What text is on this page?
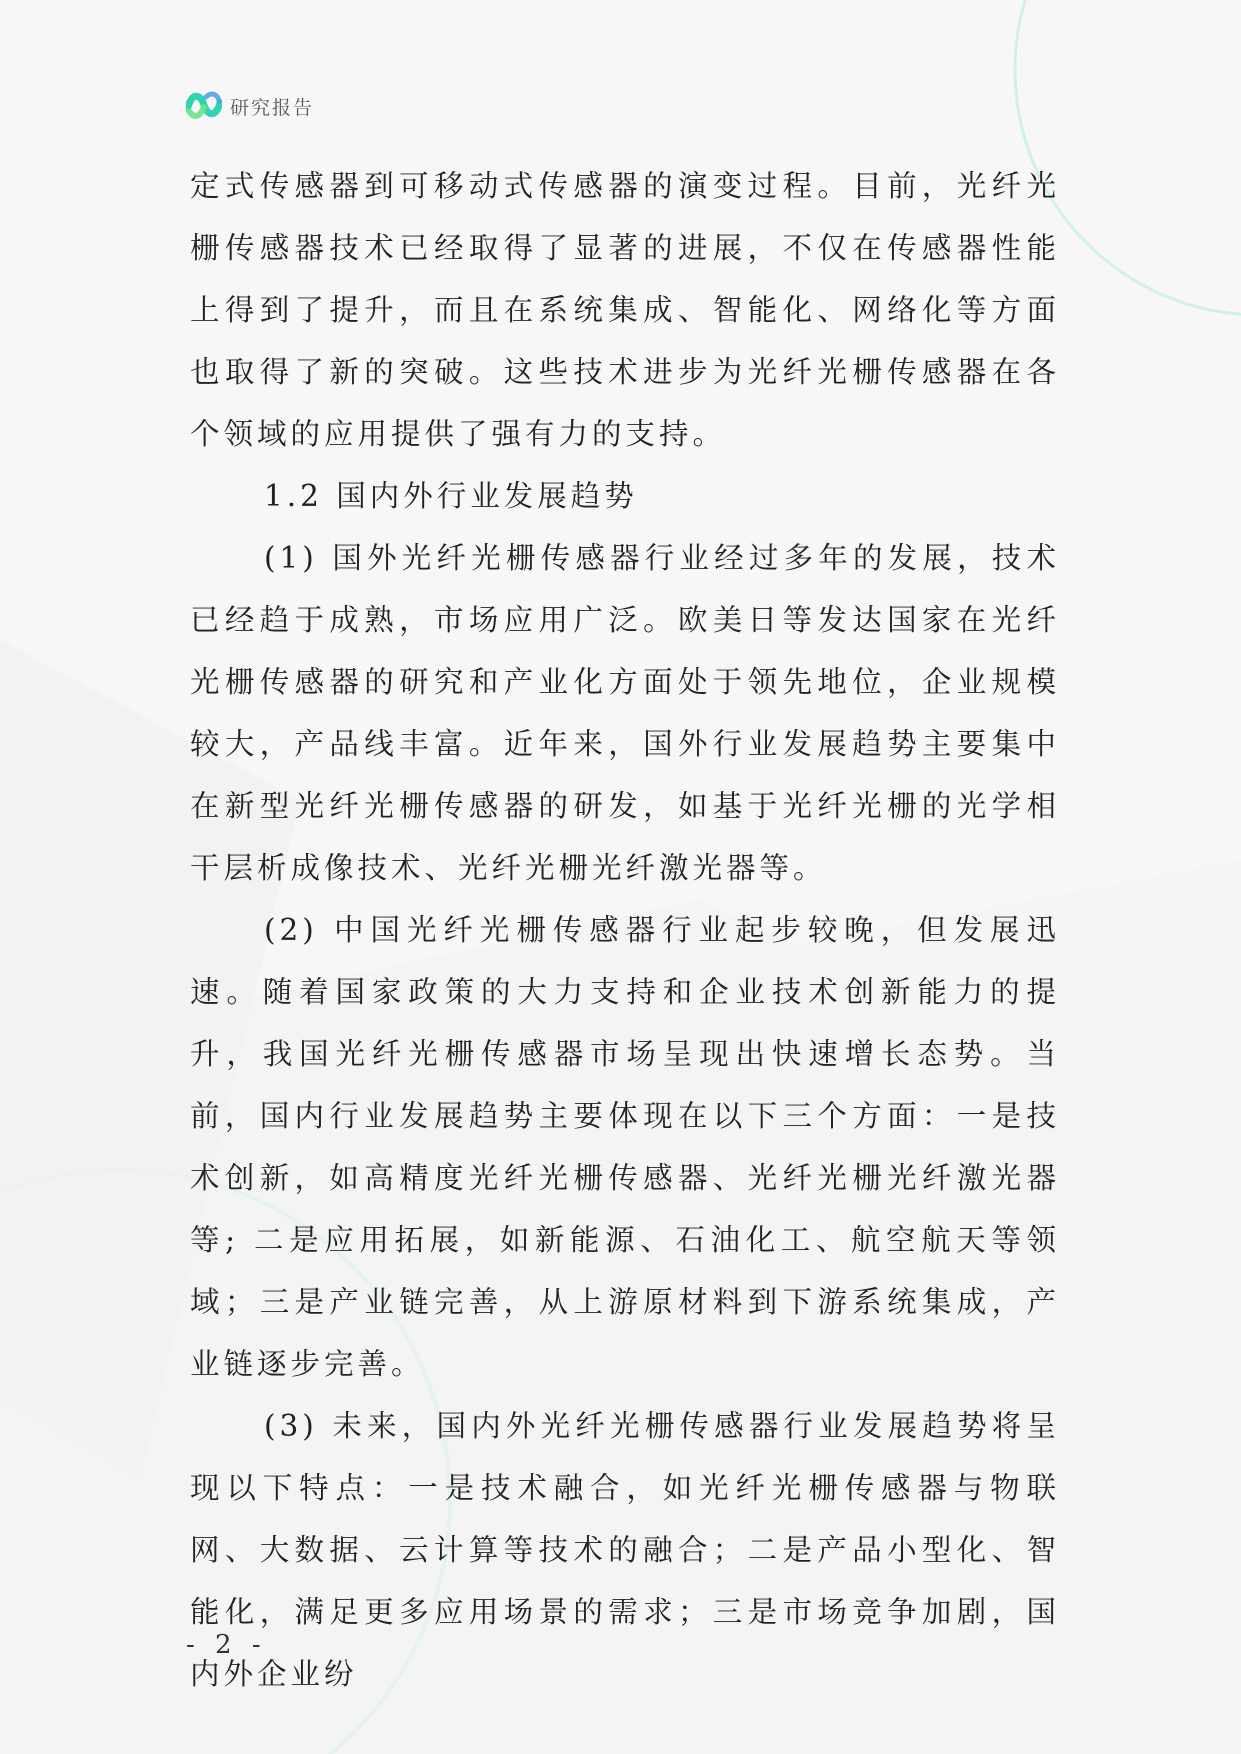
研究报告

定式传感器到可移动式传感器的演变过程。目前，光纤光栅传感器技术已经取得了显著的进展，不仅在传感器性能上得到了提升，而且在系统集成、智能化、网络化等方面也取得了新的突破。这些技术进步为光纤光栅传感器在各个领域的应用提供了强有力的支持。

1.2 国内外行业发展趋势

(1) 国外光纤光栅传感器行业经过多年的发展，技术已经趋于成熟，市场应用广泛。欧美日等发达国家在光纤光栅传感器的研究和产业化方面处于领先地位，企业规模较大，产品线丰富。近年来，国外行业发展趋势主要集中在新型光纤光栅传感器的研发，如基于光纤光栅的光学相干层析成像技术、光纤光栅光纤激光器等。

(2) 中国光纤光栅传感器行业起步较晚，但发展迅速。随着国家政策的大力支持和企业技术创新能力的提升，我国光纤光栅传感器市场呈现出快速增长态势。当前，国内行业发展趋势主要体现在以下三个方面：一是技术创新，如高精度光纤光栅传感器、光纤光栅光纤激光器等; 二是应用拓展，如新能源、石油化工、航空航天等领域；三是产业链完善，从上游原材料到下游系统集成，产业链逐步完善。

(3) 未来，国内外光纤光栅传感器行业发展趋势将呈现以下特点：一是技术融合，如光纤光栅传感器与物联网、大数据、云计算等技术的融合；二是产品小型化、智能化，满足更多应用场景的需求；三是市场竞争加剧，国内外企业纷

- 2 -
